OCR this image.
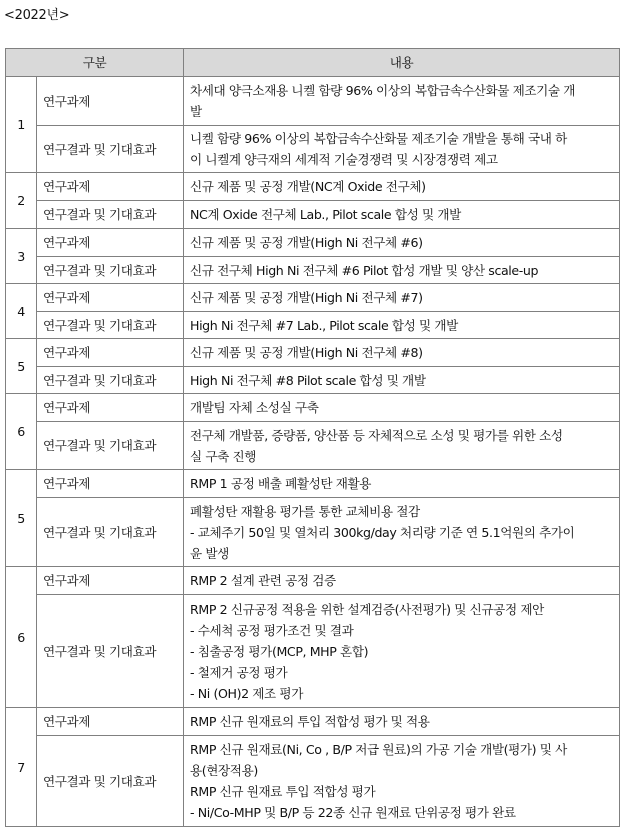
<2022년>
구분		내용
1	연구과제	차세대 양극소재용 니켈 함량 96% 이상의 복합금속수산화물 제조기술 개
발

	연구결과 및 기대효과	니켈 함량 96% 이상의 복합금속수산화물 제조기술 개발을 통해 국내 하
이 니켈계 양극재의 세계적 기술경쟁력 및 시장경쟁력 제고

2	연구과제	신규 제품 및 공정 개발(NC계 Oxide 전구체)

	연구결과 및 기대효과	NC계 Oxide 전구체 Lab., Pilot scale 합성 및 개발

3	연구과제	신규 제품 및 공정 개발(High Ni 전구체 #6)

	연구결과 및 기대효과	신규 전구체 High Ni 전구체 #6 Pilot 합성 개발 및 양산 scale-up

4	연구과제	신규 제품 및 공정 개발(High Ni 전구체 #7)

	연구결과 및 기대효과	High Ni 전구체 #7 Lab., Pilot scale 합성 및 개발

5	연구과제	신규 제품 및 공정 개발(High Ni 전구체 #8)

	연구결과 및 기대효과	High Ni 전구체 #8 Pilot scale 합성 및 개발

6	연구과제	개발팀 자체 소성실 구축

	연구결과 및 기대효과	전구체 개발품, 증량품, 양산품 등 자체적으로 소성 및 평가를 위한 소성
실 구축 진행

5	연구과제	RMP 1 공정 배출 폐활성탄 재활용

	연구결과 및 기대효과	폐활성탄 재활용 평가를 통한 교체비용 절감
- 교체주기 50일 및 열처리 300kg/day 처리량 기준 연 5.1억원의 추가이
윤 발생

6	연구과제	RMP 2 설계 관련 공정 검증

	연구결과 및 기대효과	RMP 2 신규공정 적용을 위한 설계검증(사전평가) 및 신규공정 제안
- 수세척 공정 평가조건 및 결과
- 침출공정 평가(MCP, MHP 혼합)
- 철제거 공정 평가
- Ni (OH)2 제조 평가

7	연구과제	RMP 신규 원재료의 투입 적합성 평가 및 적용

	연구결과 및 기대효과	RMP 신규 원재료(Ni, Co , B/P 저급 원료)의 가공 기술 개발(평가) 및 사
용(현장적용)
RMP 신규 원재료 투입 적합성 평가
- Ni/Co-MHP 및 B/P 등 22종 신규 원재료 단위공정 평가 완료
